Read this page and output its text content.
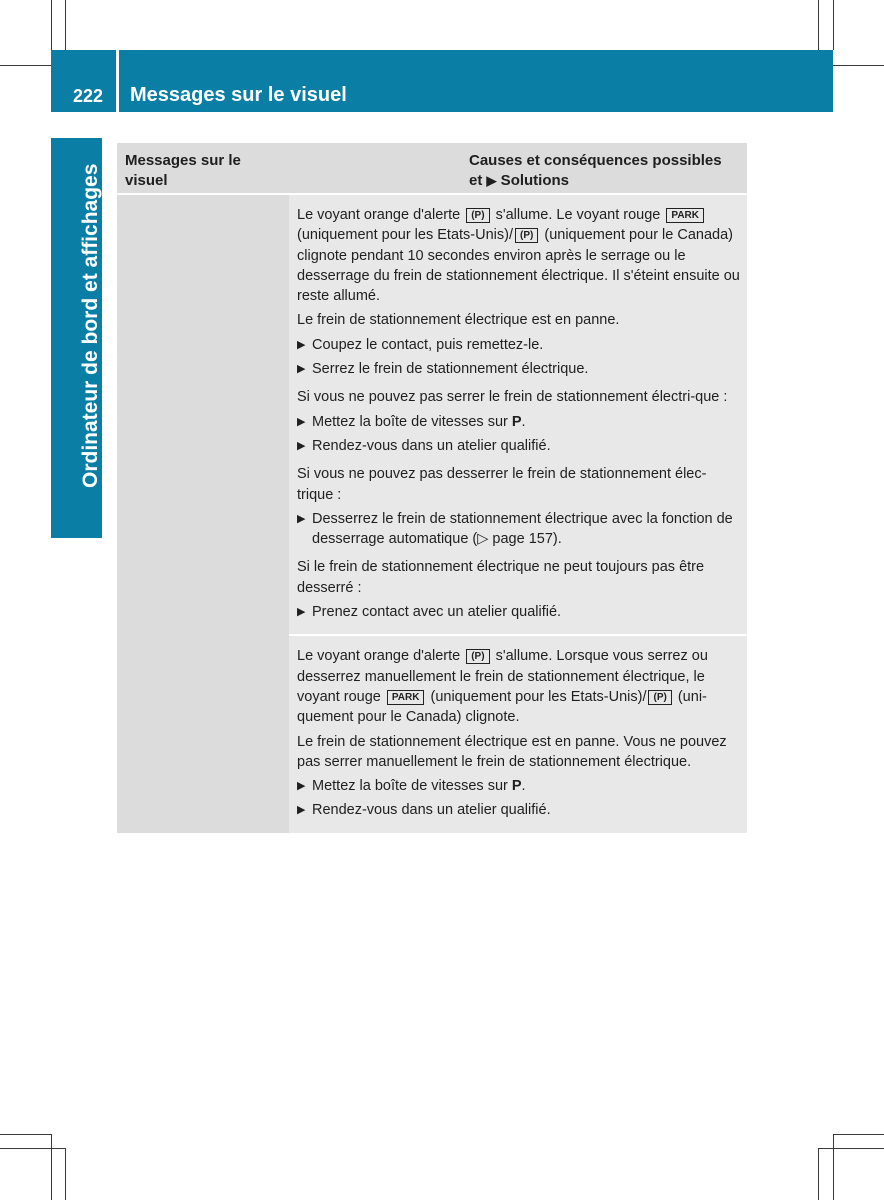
222 Messages sur le visuel
Ordinateur de bord et affichages
Messages sur le visuel
Causes et conséquences possibles et ▶ Solutions

Le voyant orange d'alerte (P) s'allume. Le voyant rouge PARK (uniquement pour les Etats-Unis)/ (P) (uniquement pour le Canada) clignote pendant 10 secondes environ après le serrage ou le desserrage du frein de stationnement électrique. Il s'éteint ensuite ou reste allumé.

Le frein de stationnement électrique est en panne.

▶ Coupez le contact, puis remettez-le.
▶ Serrez le frein de stationnement électrique.

Si vous ne pouvez pas serrer le frein de stationnement électri-que :

▶ Mettez la boîte de vitesses sur P.
▶ Rendez-vous dans un atelier qualifié.

Si vous ne pouvez pas desserrer le frein de stationnement élec-trique :

▶ Desserrez le frein de stationnement électrique avec la fonction de desserrage automatique (▷ page 157).

Si le frein de stationnement électrique ne peut toujours pas être desserré :

▶ Prenez contact avec un atelier qualifié.

Le voyant orange d'alerte (P) s'allume. Lorsque vous serrez ou desserrez manuellement le frein de stationnement électrique, le voyant rouge PARK (uniquement pour les Etats-Unis)/ (P) (uni-quement pour le Canada) clignote.

Le frein de stationnement électrique est en panne. Vous ne pouvez pas serrer manuellement le frein de stationnement électrique.

▶ Mettez la boîte de vitesses sur P.
▶ Rendez-vous dans un atelier qualifié.
